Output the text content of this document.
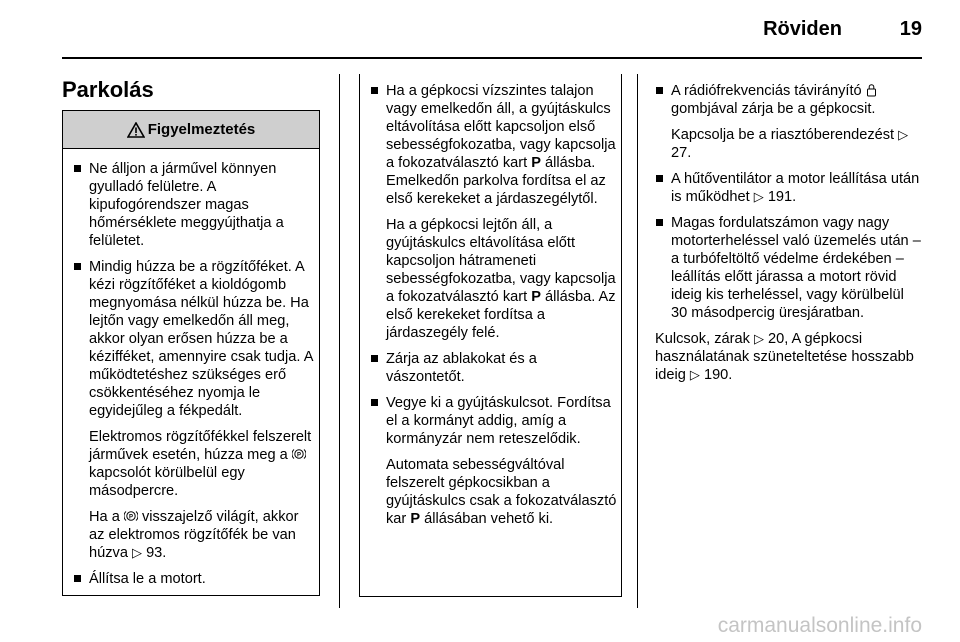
Röviden	19
Parkolás
Figyelmeztetés
Ne álljon a járművel könnyen gyulladó felületre. A kipufogórendszer magas hőmérséklete meggyújthatja a felületet.
Mindig húzza be a rögzítőféket. A kézi rögzítőféket a kioldógomb megnyomása nélkül húzza be. Ha lejtőn vagy emelkedőn áll meg, akkor olyan erősen húzza be a kézifféket, amennyire csak tudja. A működtetéshez szükséges erő csökkentéséhez nyomja le egyidejűleg a fékpedált.
Elektromos rögzítőfékkel felszerelt járművek esetén, húzza meg a P
kapcsolót körülbelül egy másodpercre.
Ha a P visszajelző világít, akkor az elektromos rögzítőfék be van húzva ▷ 93.
Állítsa le a motort.
Ha a gépkocsi vízszintes talajon vagy emelkedőn áll, a gyújtáskulcs eltávolítása előtt kapcsoljon első sebességfokozatba, vagy kapcsolja a fokozatválasztó kart P állásba. Emelkedőn parkolva fordítsa el az első kerekeket a járdaszegélytől.
Ha a gépkocsi lejtőn áll, a gyújtáskulcs eltávolítása előtt kapcsoljon hátrameneti sebességfokozatba, vagy kapcsolja a fokozatválasztó kart P állásba. Az első kerekeket fordítsa a járdaszegély felé.
Zárja az ablakokat és a vászontetőt.
Vegye ki a gyújtáskulcsot. Fordítsa el a kormányt addig, amíg a kormányzár nem reteszelődik.
Automata sebességváltóval felszerelt gépkocsikban a gyújtáskulcs csak a fokozatválasztó kar P állásában vehető ki.
A rádiófrekvenciás távirányító  gombjával zárja be a gépkocsit.
Kapcsolja be a riasztóberendezést ▷ 27.
A hűtőventilátor a motor leállítása után is működhet ▷ 191.
Magas fordulatszámon vagy nagy motorterheléssel való üzemelés után – a turbófeltöltő védelme érdekében – leállítás előtt járassa a motort rövid ideig kis terheléssel, vagy körülbelül 30 másodpercig üresjáratban.
Kulcsok, zárak ▷ 20, A gépkocsi használatának szüneteltetése hosszabb ideig ▷ 190.
carmanualsonline.info
